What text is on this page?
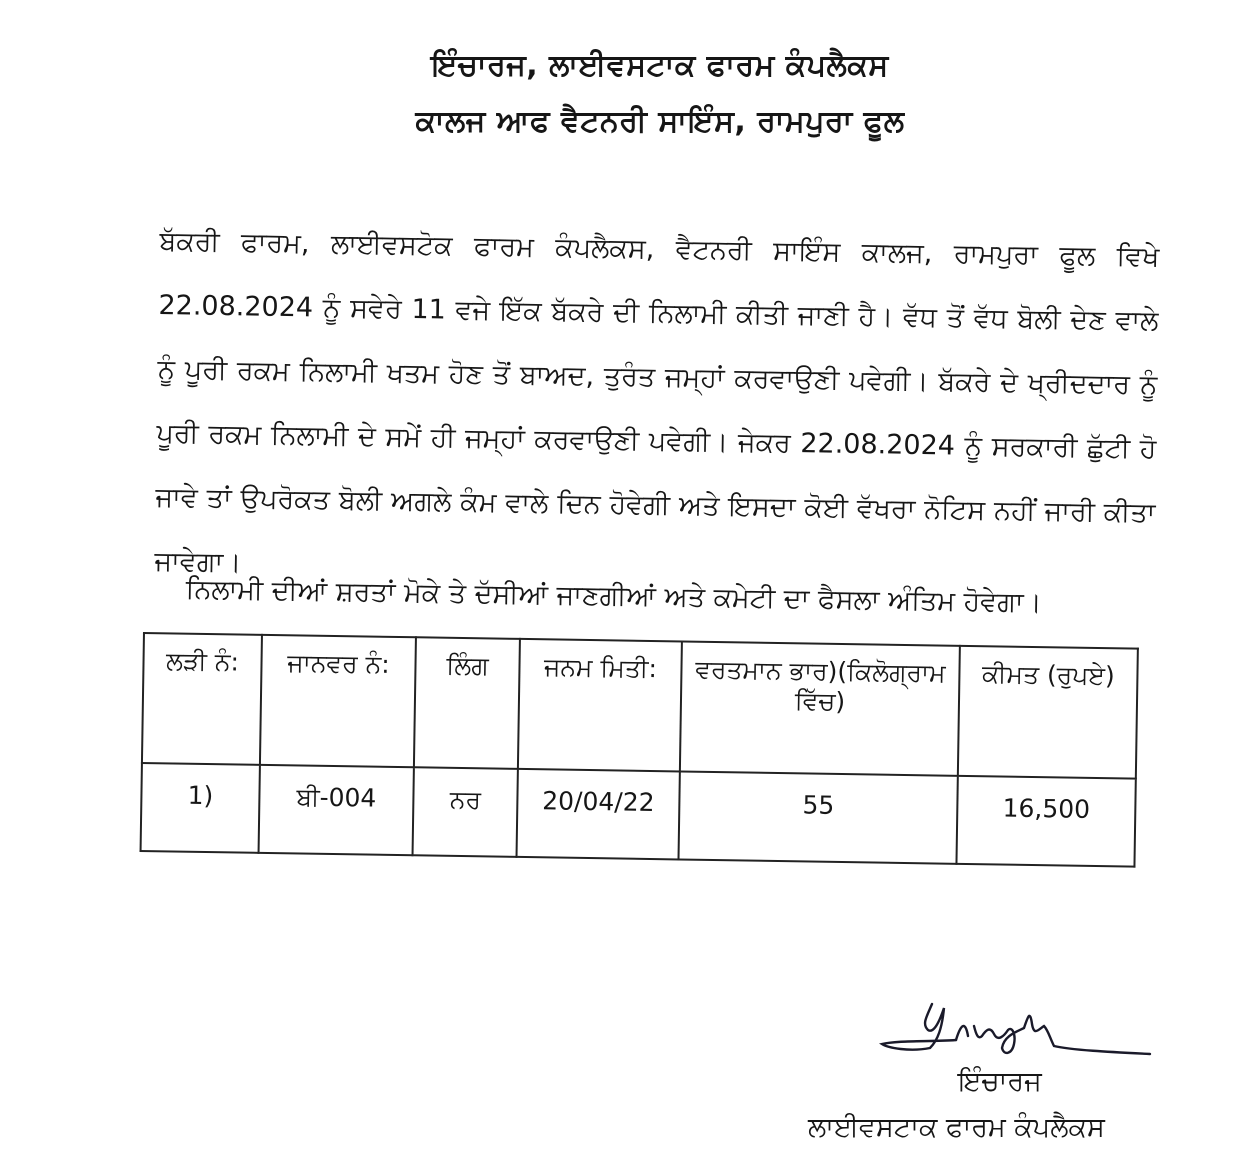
ਇੰਚਾਰਜ, ਲਾਈਵਸਟਾਕ ਫਾਰਮ ਕੰਪਲੈਕਸ
ਕਾਲਜ ਆਫ ਵੈਟਨਰੀ ਸਾਇੰਸ, ਰਾਮਪੁਰਾ ਫੂਲ

ਬੱਕਰੀ ਫਾਰਮ, ਲਾਈਵਸਟੋਕ ਫਾਰਮ ਕੰਪਲੈਕਸ, ਵੈਟਨਰੀ ਸਾਇੰਸ ਕਾਲਜ, ਰਾਮਪੁਰਾ ਫੂਲ ਵਿਖੇ 22.08.2024 ਨੂੰ ਸਵੇਰੇ 11 ਵਜੇ ਇੱਕ ਬੱਕਰੇ ਦੀ ਨਿਲਾਮੀ ਕੀਤੀ ਜਾਣੀ ਹੈ। ਵੱਧ ਤੋਂ ਵੱਧ ਬੋਲੀ ਦੇਣ ਵਾਲੇ ਨੂੰ ਪੂਰੀ ਰਕਮ ਨਿਲਾਮੀ ਖਤਮ ਹੋਣ ਤੋਂ ਬਾਅਦ, ਤੁਰੰਤ ਜਮ੍ਹਾਂ ਕਰਵਾਉਣੀ ਪਵੇਗੀ। ਬੱਕਰੇ ਦੇ ਖ੍ਰੀਦਦਾਰ ਨੂੰ ਪੂਰੀ ਰਕਮ ਨਿਲਾਮੀ ਦੇ ਸਮੇਂ ਹੀ ਜਮ੍ਹਾਂ ਕਰਵਾਉਣੀ ਪਵੇਗੀ। ਜੇਕਰ 22.08.2024 ਨੂੰ ਸਰਕਾਰੀ ਛੁੱਟੀ ਹੋ ਜਾਵੇ ਤਾਂ ਉਪਰੋਕਤ ਬੋਲੀ ਅਗਲੇ ਕੰਮ ਵਾਲੇ ਦਿਨ ਹੋਵੇਗੀ ਅਤੇ ਇਸਦਾ ਕੋਈ ਵੱਖਰਾ ਨੋਟਿਸ ਨਹੀਂ ਜਾਰੀ ਕੀਤਾ ਜਾਵੇਗਾ।

ਨਿਲਾਮੀ ਦੀਆਂ ਸ਼ਰਤਾਂ ਮੋਕੇ ਤੇ ਦੱਸੀਆਂ ਜਾਣਗੀਆਂ ਅਤੇ ਕਮੇਟੀ ਦਾ ਫੈਸਲਾ ਅੰਤਿਮ ਹੋਵੇਗਾ।
ਲੜੀ ਨੰ:	ਜਾਨਵਰ ਨੰ:	ਲਿੰਗ	ਜਨਮ ਮਿਤੀ:	ਵਰਤਮਾਨ ਭਾਰ)(ਕਿਲੋਗ੍ਰਾਮ ਵਿੱਚ)	ਕੀਮਤ (ਰੁਪਏ)
1)	ਬੀ-004	ਨਰ	20/04/22	55	16,500
ਇੰਚਾਰਜ
ਲਾਈਵਸਟਾਕ ਫਾਰਮ ਕੰਪਲੈਕਸ
